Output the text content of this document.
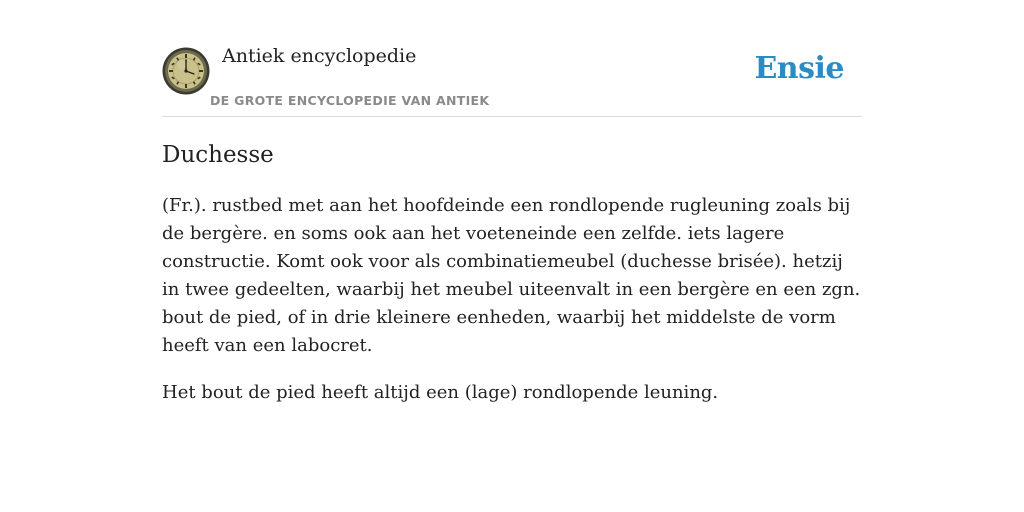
Antiek encyclopedie
DE GROTE ENCYCLOPEDIE VAN ANTIEK
Ensie
Duchesse

(Fr.). rustbed met aan het hoofdeinde een rondlopende rugleuning zoals bij de bergère. en soms ook aan het voeteneinde een zelfde. iets lagere constructie. Komt ook voor als combinatiemeubel (duchesse brisée). hetzij in twee gedeelten, waarbij het meubel uiteenvalt in een bergère en een zgn. bout de pied, of in drie kleinere eenheden, waarbij het middelste de vorm heeft van een labocret.

Het bout de pied heeft altijd een (lage) rondlopende leuning.
